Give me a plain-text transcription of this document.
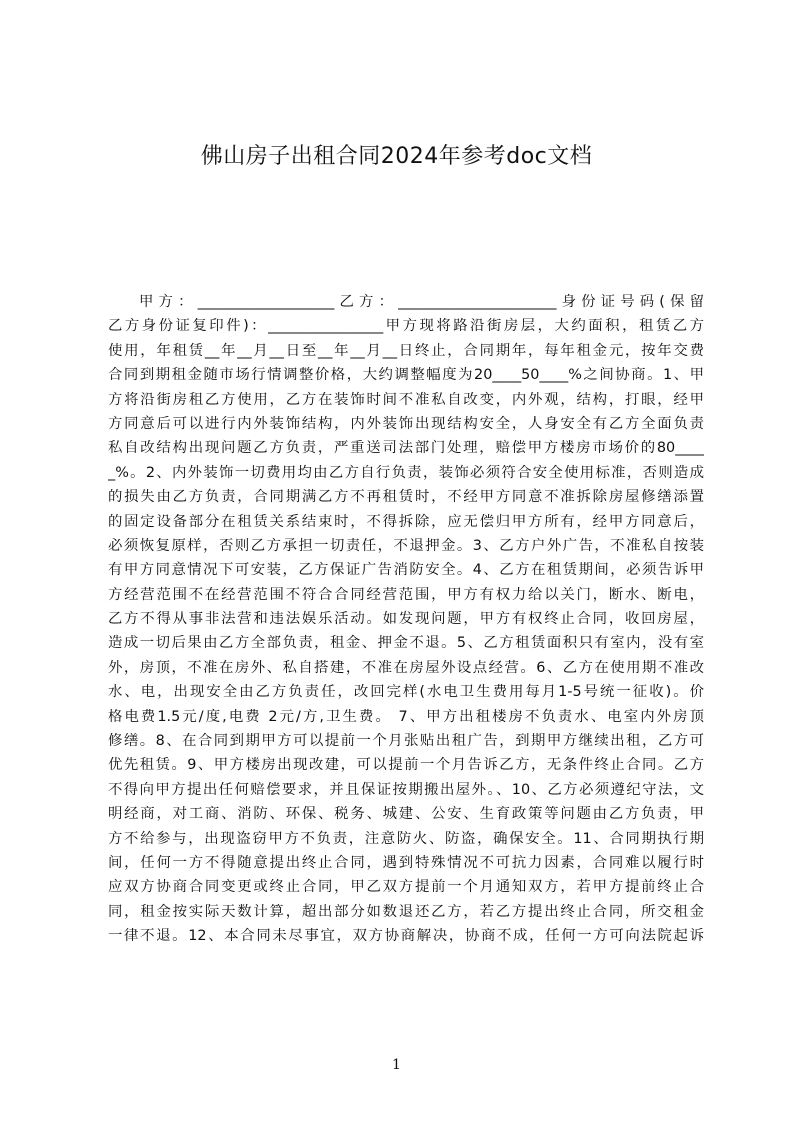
佛山房子出租合同2024年参考doc文档
甲方：___________________乙方：______________________身份证号码(保留
乙方身份证复印件)：________________甲方现将路沿街房层，大约面积，租赁乙方
使用，年租赁__年__月__日至__年__月__日终止，合同期年，每年租金元，按年交费
合同到期租金随市场行情调整价格，大约调整幅度为20____50____%之间协商。1、甲
方将沿街房租乙方使用，乙方在装饰时间不准私自改变，内外观，结构，打眼，经甲
方同意后可以进行内外装饰结构，内外装饰出现结构安全，人身安全有乙方全面负责
私自改结构出现问题乙方负责，严重送司法部门处理，赔偿甲方楼房市场价的80____
_%。2、内外装饰一切费用均由乙方自行负责，装饰必须符合安全使用标准，否则造成
的损失由乙方负责，合同期满乙方不再租赁时，不经甲方同意不准拆除房屋修缮添置
的固定设备部分在租赁关系结束时，不得拆除，应无偿归甲方所有，经甲方同意后，
必须恢复原样，否则乙方承担一切责任，不退押金。3、乙方户外广告，不准私自按装
有甲方同意情况下可安装，乙方保证广告消防安全。4、乙方在租赁期间，必须告诉甲
方经营范围不在经营范围不符合合同经营范围，甲方有权力给以关门，断水、断电，
乙方不得从事非法营和违法娱乐活动。如发现问题，甲方有权终止合同，收回房屋，
造成一切后果由乙方全部负责，租金、押金不退。5、乙方租赁面积只有室内，没有室
外，房顶，不准在房外、私自搭建，不准在房屋外设点经营。6、乙方在使用期不准改
水、电，出现安全由乙方负责任，改回完样(水电卫生费用每月1-5号统一征收)。价
格电费1.5元/度,电费 2元/方,卫生费。 7、甲方出租楼房不负责水、电室内外房顶
修缮。8、在合同到期甲方可以提前一个月张贴出租广告，到期甲方继续出租，乙方可
优先租赁。9、甲方楼房出现改建，可以提前一个月告诉乙方，无条件终止合同。乙方
不得向甲方提出任何赔偿要求，并且保证按期搬出屋外。、10、乙方必须遵纪守法，文
明经商，对工商、消防、环保、税务、城建、公安、生育政策等问题由乙方负责，甲
方不给参与，出现盗窃甲方不负责，注意防火、防盗，确保安全。11、合同期执行期
间，任何一方不得随意提出终止合同，遇到特殊情况不可抗力因素，合同难以履行时
应双方协商合同变更或终止合同，甲乙双方提前一个月通知双方，若甲方提前终止合
同，租金按实际天数计算，超出部分如数退还乙方，若乙方提出终止合同，所交租金
一律不退。12、本合同未尽事宜，双方协商解决，协商不成，任何一方可向法院起诉
1
